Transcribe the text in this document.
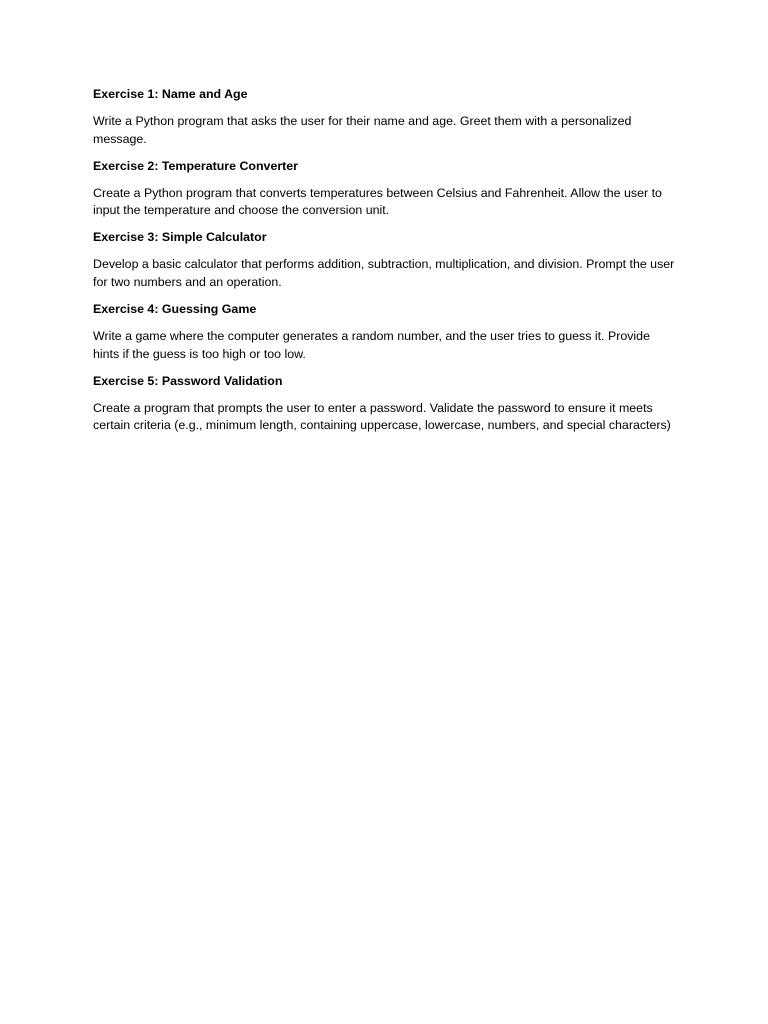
Exercise 1: Name and Age

Write a Python program that asks the user for their name and age. Greet them with a personalized message.

Exercise 2: Temperature Converter

Create a Python program that converts temperatures between Celsius and Fahrenheit. Allow the user to input the temperature and choose the conversion unit.

Exercise 3: Simple Calculator

Develop a basic calculator that performs addition, subtraction, multiplication, and division. Prompt the user for two numbers and an operation.

Exercise 4: Guessing Game

Write a game where the computer generates a random number, and the user tries to guess it. Provide hints if the guess is too high or too low.

Exercise 5: Password Validation

Create a program that prompts the user to enter a password. Validate the password to ensure it meets certain criteria (e.g., minimum length, containing uppercase, lowercase, numbers, and special characters)
